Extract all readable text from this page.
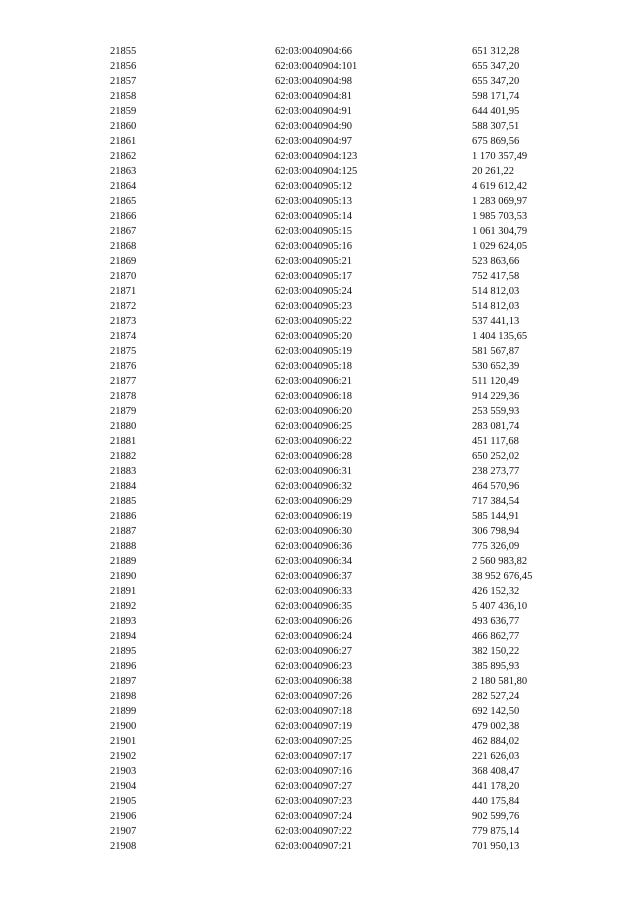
21855	62:03:0040904:66	651 312,28
21856	62:03:0040904:101	655 347,20
21857	62:03:0040904:98	655 347,20
21858	62:03:0040904:81	598 171,74
21859	62:03:0040904:91	644 401,95
21860	62:03:0040904:90	588 307,51
21861	62:03:0040904:97	675 869,56
21862	62:03:0040904:123	1 170 357,49
21863	62:03:0040904:125	20 261,22
21864	62:03:0040905:12	4 619 612,42
21865	62:03:0040905:13	1 283 069,97
21866	62:03:0040905:14	1 985 703,53
21867	62:03:0040905:15	1 061 304,79
21868	62:03:0040905:16	1 029 624,05
21869	62:03:0040905:21	523 863,66
21870	62:03:0040905:17	752 417,58
21871	62:03:0040905:24	514 812,03
21872	62:03:0040905:23	514 812,03
21873	62:03:0040905:22	537 441,13
21874	62:03:0040905:20	1 404 135,65
21875	62:03:0040905:19	581 567,87
21876	62:03:0040905:18	530 652,39
21877	62:03:0040906:21	511 120,49
21878	62:03:0040906:18	914 229,36
21879	62:03:0040906:20	253 559,93
21880	62:03:0040906:25	283 081,74
21881	62:03:0040906:22	451 117,68
21882	62:03:0040906:28	650 252,02
21883	62:03:0040906:31	238 273,77
21884	62:03:0040906:32	464 570,96
21885	62:03:0040906:29	717 384,54
21886	62:03:0040906:19	585 144,91
21887	62:03:0040906:30	306 798,94
21888	62:03:0040906:36	775 326,09
21889	62:03:0040906:34	2 560 983,82
21890	62:03:0040906:37	38 952 676,45
21891	62:03:0040906:33	426 152,32
21892	62:03:0040906:35	5 407 436,10
21893	62:03:0040906:26	493 636,77
21894	62:03:0040906:24	466 862,77
21895	62:03:0040906:27	382 150,22
21896	62:03:0040906:23	385 895,93
21897	62:03:0040906:38	2 180 581,80
21898	62:03:0040907:26	282 527,24
21899	62:03:0040907:18	692 142,50
21900	62:03:0040907:19	479 002,38
21901	62:03:0040907:25	462 884,02
21902	62:03:0040907:17	221 626,03
21903	62:03:0040907:16	368 408,47
21904	62:03:0040907:27	441 178,20
21905	62:03:0040907:23	440 175,84
21906	62:03:0040907:24	902 599,76
21907	62:03:0040907:22	779 875,14
21908	62:03:0040907:21	701 950,13
